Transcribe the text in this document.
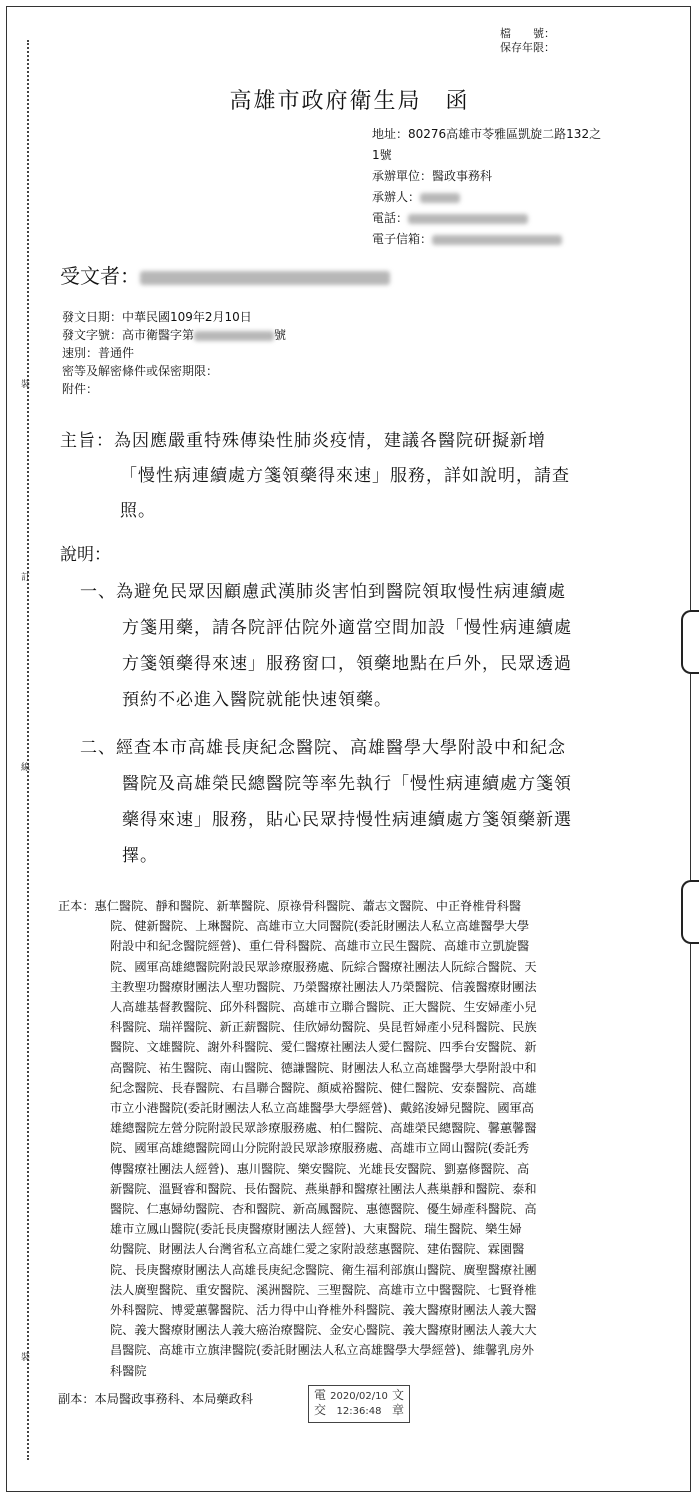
裝
訂
線
裝
檔　　號：
保存年限：
高雄市政府衛生局　函
地址：80276高雄市苓雅區凱旋二路132之
1號
承辦單位：醫政事務科
承辦人：
電話：
電子信箱：
受文者：
發文日期：中華民國109年2月10日
發文字號：高市衛醫字第	號
速別：普通件
密等及解密條件或保密期限：
附件：
主旨：為因應嚴重特殊傳染性肺炎疫情，建議各醫院研擬新增
「慢性病連續處方箋領藥得來速」服務，詳如說明，請查
照。
說明：
一、為避免民眾因顧慮武漢肺炎害怕到醫院領取慢性病連續處
方箋用藥，請各院評估院外適當空間加設「慢性病連續處
方箋領藥得來速」服務窗口，領藥地點在戶外，民眾透過
預約不必進入醫院就能快速領藥。
二、經查本市高雄長庚紀念醫院、高雄醫學大學附設中和紀念
醫院及高雄榮民總醫院等率先執行「慢性病連續處方箋領
藥得來速」服務，貼心民眾持慢性病連續處方箋領藥新選
擇。
正本：惠仁醫院、靜和醫院、新華醫院、原祿骨科醫院、蕭志文醫院、中正脊椎骨科醫
院、健新醫院、上琳醫院、高雄市立大同醫院(委託財團法人私立高雄醫學大學
附設中和紀念醫院經營)、重仁骨科醫院、高雄市立民生醫院、高雄市立凱旋醫
院、國軍高雄總醫院附設民眾診療服務處、阮綜合醫療社團法人阮綜合醫院、天
主教聖功醫療財團法人聖功醫院、乃榮醫療社團法人乃榮醫院、信義醫療財團法
人高雄基督教醫院、邱外科醫院、高雄市立聯合醫院、正大醫院、生安婦產小兒
科醫院、瑞祥醫院、新正薪醫院、佳欣婦幼醫院、吳昆哲婦產小兒科醫院、民族
醫院、文雄醫院、謝外科醫院、愛仁醫療社團法人愛仁醫院、四季台安醫院、新
高醫院、祐生醫院、南山醫院、德謙醫院、財團法人私立高雄醫學大學附設中和
紀念醫院、長春醫院、右昌聯合醫院、顏威裕醫院、健仁醫院、安泰醫院、高雄
市立小港醫院(委託財團法人私立高雄醫學大學經營)、戴銘浚婦兒醫院、國軍高
雄總醫院左營分院附設民眾診療服務處、柏仁醫院、高雄榮民總醫院、馨蕙馨醫
院、國軍高雄總醫院岡山分院附設民眾診療服務處、高雄市立岡山醫院(委託秀
傳醫療社團法人經營)、惠川醫院、樂安醫院、光雄長安醫院、劉嘉修醫院、高
新醫院、溫賢睿和醫院、長佑醫院、燕巢靜和醫療社團法人燕巢靜和醫院、泰和
醫院、仁惠婦幼醫院、杏和醫院、新高鳳醫院、惠德醫院、優生婦產科醫院、高
雄市立鳳山醫院(委託長庚醫療財團法人經營)、大東醫院、瑞生醫院、樂生婦
幼醫院、財團法人台灣省私立高雄仁愛之家附設慈惠醫院、建佑醫院、霖園醫
院、長庚醫療財團法人高雄長庚紀念醫院、衛生福利部旗山醫院、廣聖醫療社團
法人廣聖醫院、重安醫院、溪洲醫院、三聖醫院、高雄市立中醫醫院、七賢脊椎
外科醫院、博愛蕙馨醫院、活力得中山脊椎外科醫院、義大醫療財團法人義大醫
院、義大醫療財團法人義大癌治療醫院、金安心醫院、義大醫療財團法人義大大
昌醫院、高雄市立旗津醫院(委託財團法人私立高雄醫學大學經營)、維馨乳房外
科醫院
副本：本局醫政事務科、本局藥政科	電交
2020/02/10
12:36:48
文章
